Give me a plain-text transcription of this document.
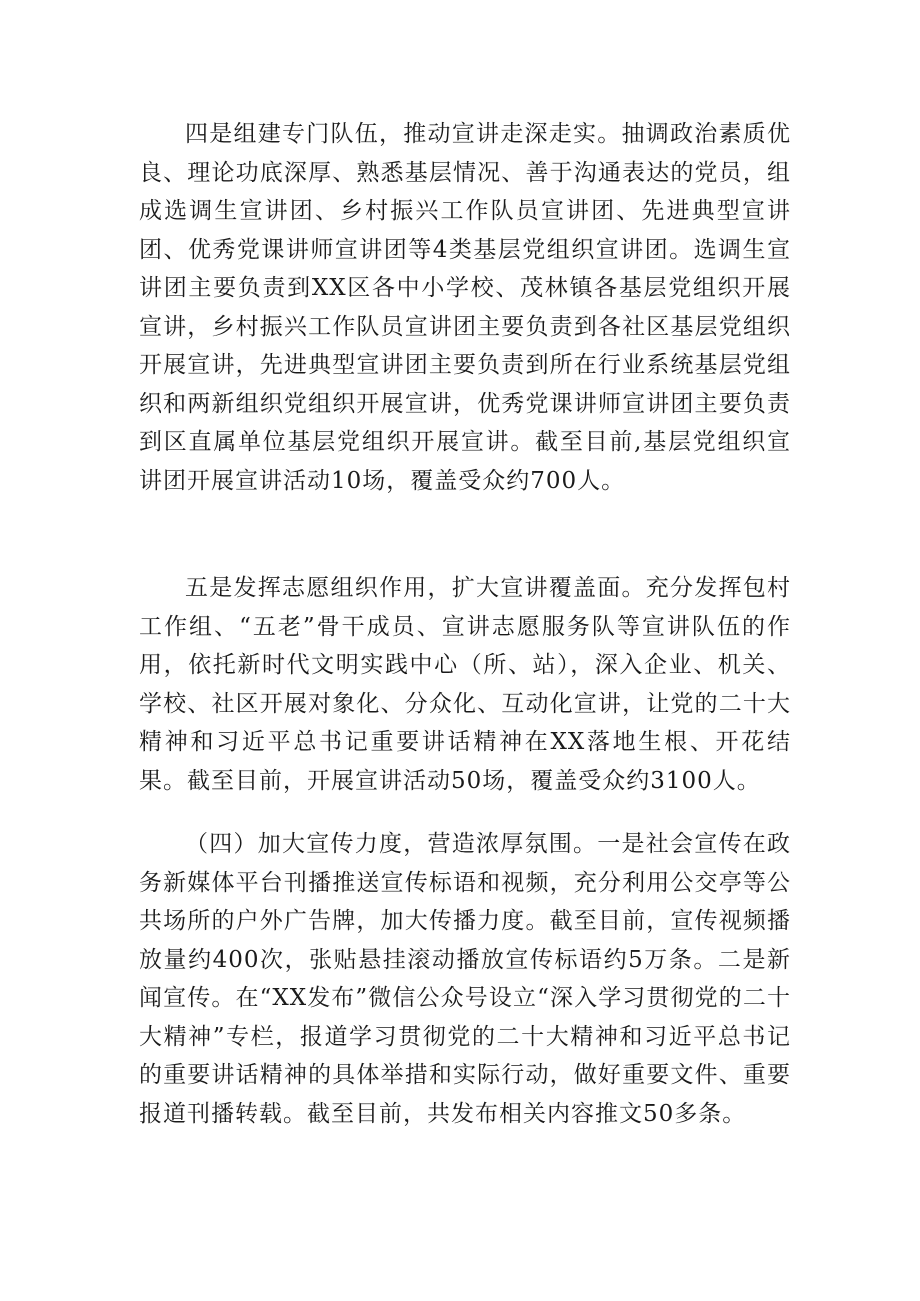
四是组建专门队伍，推动宣讲走深走实。抽调政治素质优良、理论功底深厚、熟悉基层情况、善于沟通表达的党员，组成选调生宣讲团、乡村振兴工作队员宣讲团、先进典型宣讲团、优秀党课讲师宣讲团等4类基层党组织宣讲团。选调生宣讲团主要负责到XX区各中小学校、茂林镇各基层党组织开展宣讲，乡村振兴工作队员宣讲团主要负责到各社区基层党组织开展宣讲，先进典型宣讲团主要负责到所在行业系统基层党组织和两新组织党组织开展宣讲，优秀党课讲师宣讲团主要负责到区直属单位基层党组织开展宣讲。截至目前,基层党组织宣讲团开展宣讲活动10场，覆盖受众约700人。

五是发挥志愿组织作用，扩大宣讲覆盖面。充分发挥包村工作组、“五老”骨干成员、宣讲志愿服务队等宣讲队伍的作用，依托新时代文明实践中心（所、站），深入企业、机关、学校、社区开展对象化、分众化、互动化宣讲，让党的二十大精神和习近平总书记重要讲话精神在XX落地生根、开花结果。截至目前，开展宣讲活动50场，覆盖受众约3100人。

（四）加大宣传力度，营造浓厚氛围。一是社会宣传在政务新媒体平台刊播推送宣传标语和视频，充分利用公交亭等公共场所的户外广告牌，加大传播力度。截至目前，宣传视频播放量约400次，张贴悬挂滚动播放宣传标语约5万条。二是新闻宣传。在“XX发布”微信公众号设立“深入学习贯彻党的二十大精神”专栏，报道学习贯彻党的二十大精神和习近平总书记的重要讲话精神的具体举措和实际行动，做好重要文件、重要报道刊播转载。截至目前，共发布相关内容推文50多条。
